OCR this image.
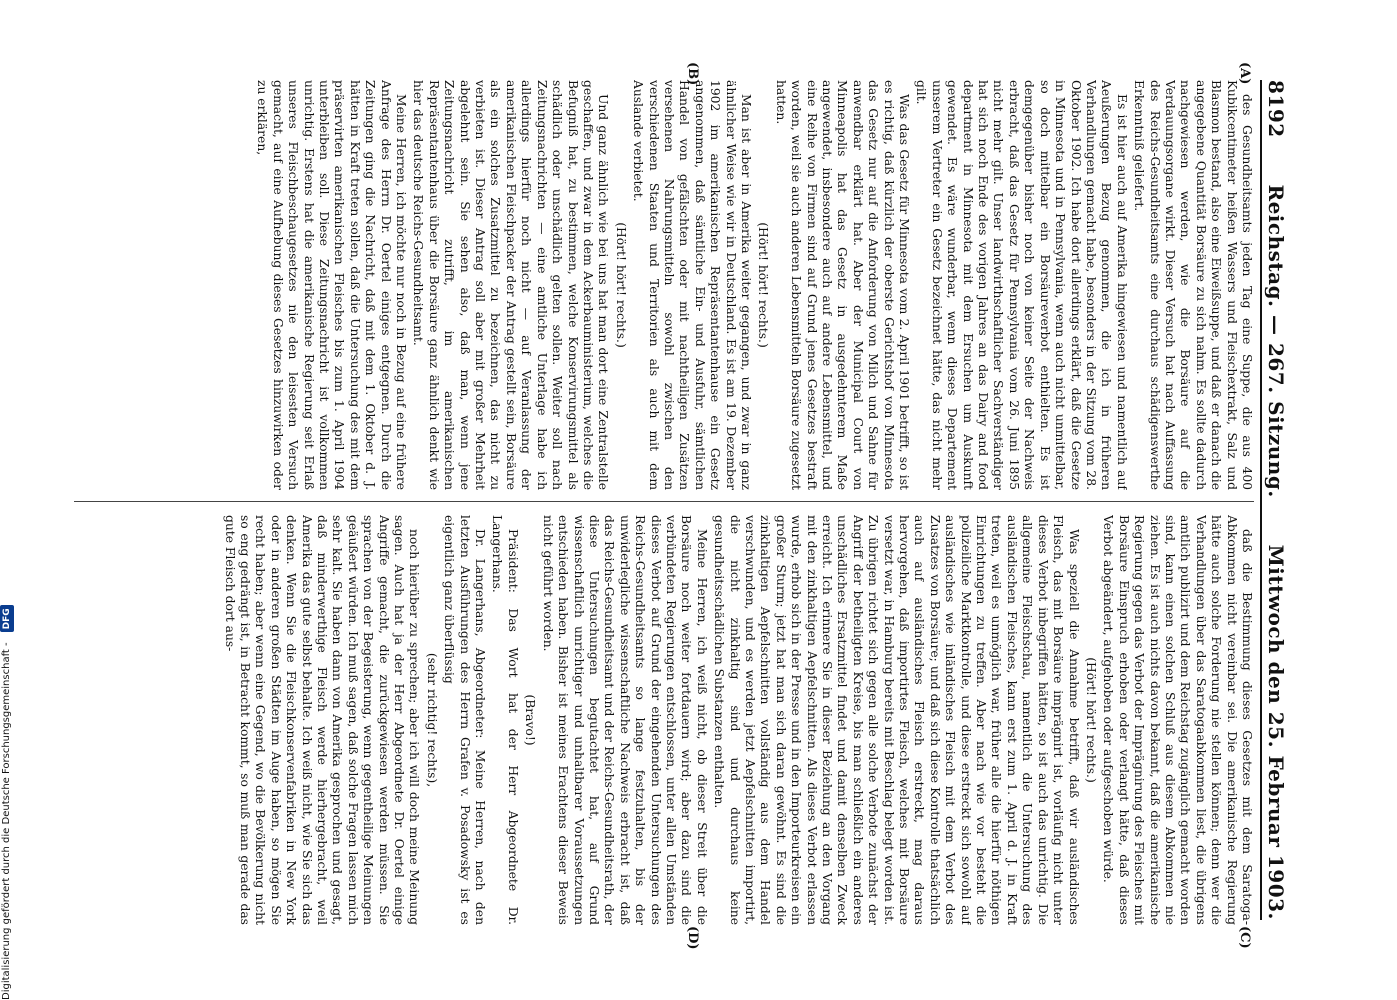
Digitalisierung gefördert durch die Deutsche Forschungsgemeinschaft -
DFG
8192
Reichstag. — 267. Sitzung.
Mittwoch den 25. Februar 1903.
(A)
(B)
(C)
(D)

des Gesundheitsamts jeden Tag eine Suppe, die aus 400 Kubikcentimeter heißen Wassers und Fleischextrakt, Salz und Blasmon bestand, also eine Eiweißsuppe, und daß er danach die angegebene Quantität Borsäure zu sich nahm. Es sollte dadurch nachgewiesen werden, wie die Borsäure auf die Verdauungsorgane wirkt. Dieser Versuch hat nach Auffassung des Reichs-Gesundheitsamts eine durchaus schädigenswerthe Erkenntniß geliefert.

Es ist hier auch auf Amerika hingewiesen und namentlich auf Aeußerungen Bezug genommen, die ich in früheren Verhandlungen gemacht habe, besonders in der Sitzung vom 28. Oktober 1902. Ich habe dort allerdings erklärt, daß die Gesetze in Minnesota und in Pennsylvania, wenn auch nicht unmittelbar, so doch mittelbar ein Borsäureverbot enthielten. Es ist demgegenüber bisher noch von keiner Seite der Nachweis erbracht, daß das Gesetz für Pennsylvania vom 26. Juni 1895 nicht mehr gilt. Unser landwirthschaftlicher Sachverständiger hat sich noch Ende des vorigen Jahres an das Dairy and food department in Minnesota mit dem Ersuchen um Auskunft gewendet. Es wäre wunderbar, wenn dieses Departement unserem Vertreter ein Gesetz bezeichnet hätte, das nicht mehr gilt.

Was das Gesetz für Minnesota vom 2. April 1901 betrifft, so ist es richtig, daß kürzlich der oberste Gerichtshof von Minnesota das Gesetz nur auf die Anforderung von Milch und Sahne für anwendbar erklärt hat. Aber der Municipal Court von Minneapolis hat das Gesetz in ausgedehnterem Maße angewendet, insbesondere auch auf andere Lebensmittel, und eine Reihe von Firmen sind auf Grund jenes Gesetzes bestraft worden, weil sie auch anderen Lebensmitteln Borsäure zugesetzt hatten.

(Hört! hört! rechts.)

Man ist aber in Amerika weiter gegangen, und zwar in ganz ähnlicher Weise wie wir in Deutschland. Es ist am 19. Dezember 1902 im amerikanischen Repräsentantenhause ein Gesetz angenommen, daß sämtliche Ein- und Ausfuhr, sämtlichen Handel von gefälschten oder mit nachtheiligen Zusätzen versehenen Nahrungsmitteln sowohl zwischen den verschiedenen Staaten und Territorien als auch mit dem Auslande verbietet.

(Hört! hört! rechts.)

Und ganz ähnlich wie bei uns hat man dort eine Zentralstelle geschaffen, und zwar in dem Ackerbauministerium, welches die Befugniß hat, zu bestimmen, welche Konservirungsmittel als schädlich oder unschädlich gelten sollen. Weiter soll nach Zeitungsnachrichten — eine amtliche Unterlage habe ich allerdings hierfür noch nicht — auf Veranlassung der amerikanischen Fleischpacker der Antrag gestellt sein, Borsäure als ein solches Zusatzmittel zu bezeichnen, das nicht zu verbieten ist. Dieser Antrag soll aber mit großer Mehrheit abgelehnt sein. Sie sehen also, daß man, wenn jene Zeitungsnachricht zutrifft, im amerikanischen Repräsentantenhaus über die Borsäure ganz ähnlich denkt wie hier das deutsche Reichs-Gesundheitsamt.

Meine Herren, ich möchte nur noch in Bezug auf eine frühere Anfrage des Herrn Dr. Oertel einiges entgegnen. Durch die Zeitungen ging die Nachricht, daß mit dem 1. Oktober d. J. hätten in Kraft treten sollen, daß die Untersuchung des mit dem präservirten amerikanischen Fleisches bis zum 1. April 1904 unterbleiben soll. Diese Zeitungsnachricht ist vollkommen unrichtig. Erstens hat die amerikanische Regierung seit Erlaß unseres Fleischbeschaugesetzes nie den leisesten Versuch gemacht, auf eine Aufhebung dieses Gesetzes hinzuwirken oder zu erklären,

daß die Bestimmung dieses Gesetzes mit dem Saratoga-Abkommen nicht vereinbar sei. Die amerikanische Regierung hätte auch solche Forderung nie stellen können; denn wer die Verhandlungen über das Saratogaabkommen liest, die übrigens amtlich publizirt und dem Reichstag zugänglich gemacht worden sind, kann einen solchen Schluß aus diesem Abkommen nie ziehen. Es ist auch nichts davon bekannt, daß die amerikanische Regierung gegen das Verbot der Imprägnirung des Fleisches mit Borsäure Einspruch erhoben oder verlangt hätte, daß dieses Verbot abgeändert, aufgehoben oder aufgeschoben würde.

(Hört! hört! rechts.)

Was speziell die Annahme betrifft, daß wir ausländisches Fleisch, das mit Borsäure imprägnirt ist, vorläufig nicht unter dieses Verbot inbegriffen hätten, so ist auch das unrichtig. Die allgemeine Fleischschau, namentlich die Untersuchung des ausländischen Fleisches, kann erst zum 1. April d. J. in Kraft treten, weil es unmöglich war, früher alle die hierfür nöthigen Einrichtungen zu treffen. Aber nach wie vor besteht die polizeiliche Marktkontrolle, und diese erstreckt sich sowohl auf ausländisches wie inländisches Fleisch mit dem Verbot des Zusatzes von Borsäure; und daß sich diese Kontrolle thatsächlich auch auf ausländisches Fleisch erstreckt, mag daraus hervorgehen, daß importirtes Fleisch, welches mit Borsäure versetzt war, in Hamburg bereits mit Beschlag belegt worden ist. Zu übrigen richtet sich gegen alle solche Verbote zunächst der Angriff der betheiligten Kreise, bis man schließlich ein anderes unschädliches Ersatzmittel findet und damit denselben Zweck erreicht. Ich erinnere Sie in dieser Beziehung an den Vorgang mit den zinkhaltigen Aepfelschnitten. Als dieses Verbot erlassen wurde, erhob sich in der Presse und in den Importeurkreisen ein großer Sturm; jetzt hat man sich daran gewöhnt. Es sind die zinkhaltigen Aepfelschnitten vollständig aus dem Handel verschwunden, und es werden jetzt Aepfelschnitten importirt, die nicht zinkhaltig sind und durchaus keine gesundheitsschädlichen Substanzen enthalten.

Meine Herren, ich weiß nicht, ob dieser Streit über die Borsäure noch weiter fortdauern wird; aber dazu sind die verbündeten Regierungen entschlossen, unter allen Umständen dieses Verbot auf Grund der eingehenden Untersuchungen des Reichs-Gesundheitsamts so lange festzuhalten, bis der unwiderlegliche wissenschaftliche Nachweis erbracht ist, daß das Reichs-Gesundheitsamt und der Reichs-Gesundheitsrath, der diese Untersuchungen begutachtet hat, auf Grund wissenschaftlich unrichtiger und unhaltbarer Voraussetzungen entschieden haben. Bisher ist meines Erachtens dieser Beweis nicht geführt worden.

(Bravo!)

Präsident: Das Wort hat der Herr Abgeordnete Dr. Langerhans.

Dr. Langerhans, Abgeordneter: Meine Herren, nach den letzten Ausführungen des Herrn Grafen v. Posadowsky ist es eigentlich ganz überflüssig

(sehr richtig! rechts),

noch hierüber zu sprechen; aber ich will doch meine Meinung sagen. Auch hat ja der Herr Abgeordnete Dr. Oertel einige Angriffe gemacht, die zurückgewiesen werden müssen. Sie sprachen von der Begeisterung, wenn gegentheilige Meinungen geäußert würden. Ich muß sagen, daß solche Fragen lassen mich sehr kalt. Sie haben dann von Amerika gesprochen und gesagt, daß minderwerthige Fleisch werde hierhergebracht, weil Amerika das gute selbst behalte. Ich weiß nicht, wie Sie sich das denken. Wenn Sie die Fleischkonservenfabriken in New York oder in anderen großen Städten im Auge haben, so mögen Sie recht haben; aber wenn eine Gegend, wo die Bevölkerung nicht so eng gedrängt ist, in Betracht kommt, so muß man gerade das gute Fleisch dort aus-
